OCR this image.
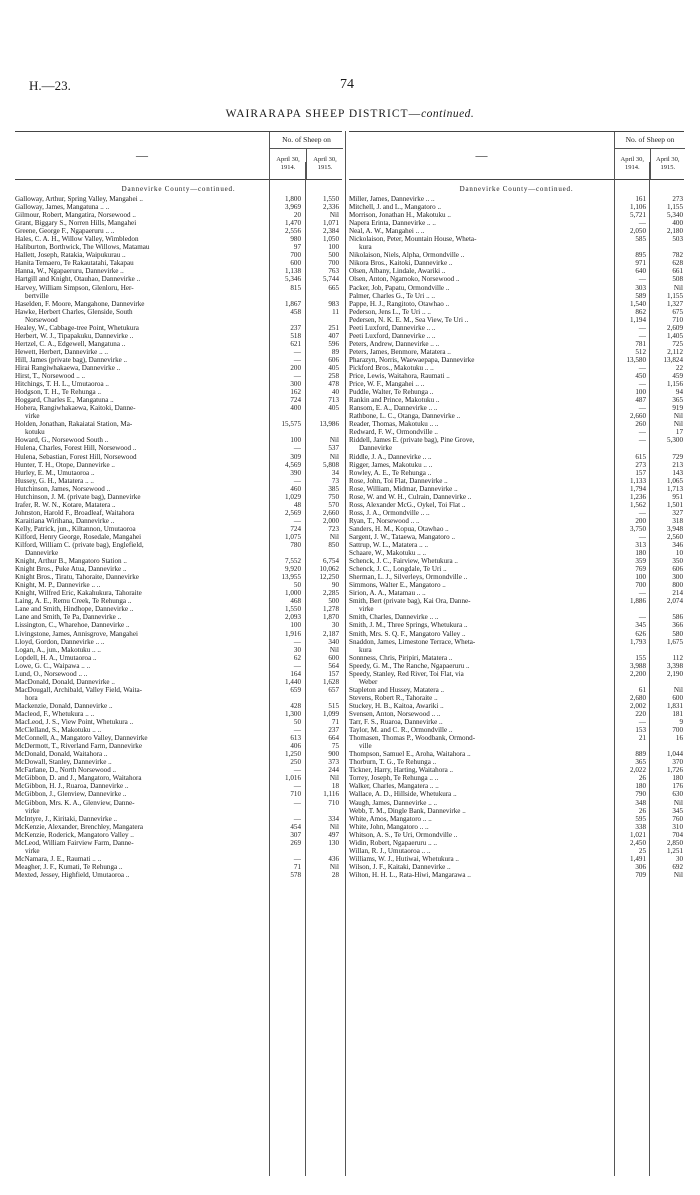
H.—23.	74
WAIRARAPA SHEEP DISTRICT—continued.
—
No. of Sheep on
April 30, 1914.
April 30, 1915.
Dannevirke County—continued.
Galloway, Arthur, Spring Valley, Mangahei ..	1,800	1,550
Galloway, James, Mangatuna .. ..	3,969	2,336
Gilmour, Robert, Mangatira, Norsewood ..	20	Nil
Grant, Biggary S., Norren Hills, Mangahei	1,470	1,071
Greene, George F., Ngapaeruru .. ..	2,556	2,384
Hales, C. A. H., Willow Valley, Wimbledon	980	1,050
Haliburton, Borthwick, The Willows, Matamau	97	100
Hallett, Joseph, Ratakia, Waipukurau ..	700	500
Hanita Temaero, Te Rakautatahi, Takapau	600	700
Hanna, W., Ngapaeruru, Dannevirke ..	1,138	763
Hartgill and Knight, Otauhao, Dannevirke ..	5,346	5,744
Harvey, William Simpson, Glenloru, Her-	815	665
bertville
Haselden, F. Moore, Mangahone, Dannevirke	1,867	983
Hawke, Herbert Charles, Glenside, South	458	11
Norsewood
Healey, W., Cabbage-tree Point, Whetukura	237	251
Herbert, W. J., Tipapakuku, Dannevirke ..	518	407
Hertzel, C. A., Edgewell, Mangatuna ..	621	596
Hewett, Herbert, Dannevirke .. ..	—	89
Hill, James (private bag), Dannevirke ..	—	606
Hirai Rangiwhakaewa, Dannevirke ..	200	405
Hirst, T., Norsewood .. ..	—	258
Hitchings, T. H. L., Umutaoroa ..	300	478
Hodgson, T. H., Te Rehunga ..	162	40
Hoggard, Charles E., Mangatuna ..	724	713
Hohera, Rangiwhakaewa, Kaitoki, Danne-	400	405
virke
Holden, Jonathan, Rakaiatai Station, Ma-	15,575	13,986
kotuku
Howard, G., Norsewood South ..	100	Nil
Hulena, Charles, Forest Hill, Norsewood ..	—	537
Hulena, Sebastian, Forest Hill, Norsewood	309	Nil
Hunter, T. H., Otope, Dannevirke ..	4,569	5,808
Hurley, E. M., Umutaoroa ..	390	34
Hussey, G. H., Matatera .. ..	—	73
Hutchinson, James, Norsewood ..	460	385
Hutchinson, J. M. (private bag), Dannevirke	1,029	750
Irafer, R. W. N., Kotare, Matatera ..	48	570
Johnston, Harold F., Broadleaf, Waitahora	2,569	2,660
Karaitiana Wirihana, Dannevirke ..	—	2,000
Kelly, Patrick, jun., Kiltannon, Umutaoroa	724	723
Kilford, Henry George, Rosedale, Mangahei	1,075	Nil
Kilford, William C. (private bag), Englefield,	780	850
Dannevirke
Knight, Arthur B., Mangatoro Station ..	7,552	6,754
Knight Bros., Puke Atua, Dannevirke ..	9,920	10,062
Knight Bros., Tiratu, Tahoraite, Dannevirke	13,955	12,250
Knight, M. P., Dannevirke .. ..	50	90
Knight, Wilfred Eric, Kakahukura, Tahoraite	1,000	2,285
Laing, A. E., Remu Creek, Te Rehunga ..	468	500
Lane and Smith, Hindhope, Dannevirke ..	1,550	1,278
Lane and Smith, Te Pa, Dannevirke ..	2,093	1,870
Lissington, C., Wharehoe, Dannevirke ..	100	30
Livingstone, James, Annisgrove, Mangahei	1,916	2,187
Lloyd, Gordon, Dannevirke .. ..	—	340
Logan, A., jun., Makotuku .. ..	30	Nil
Lopdell, H. A., Umutaoroa ..	62	600
Lowe, G. C., Waipawa .. ..	—	564
Lund, O., Norsewood .. ..	164	157
MacDonald, Donald, Dannevirke ..	1,440	1,628
MacDougall, Archibald, Valley Field, Waita-	659	657
hora
Mackenzie, Donald, Dannevirke ..	428	515
Macleod, F., Whetukura .. ..	1,300	1,099
MacLeod, J. S., View Point, Whetukura ..	50	71
McClelland, S., Makotuku .. ..	—	237
McConnell, A., Mangatoro Valley, Dannevirke	613	664
McDermott, T., Riverland Farm, Dannevirke	406	75
McDonald, Donald, Waitahora ..	1,250	900
McDowall, Stanley, Dannevirke ..	250	373
McFarlane, D., North Norsewood ..	—	244
McGibbon, D. and J., Mangatoro, Waitahora	1,016	Nil
McGibbon, H. J., Ruaroa, Dannevirke ..	—	18
McGibbon, J., Glenview, Dannevirke ..	710	1,116
McGibbon, Mrs. K. A., Glenview, Danne-	—	710
virke
McIntyre, J., Kiritaki, Dannevirke ..	—	334
McKenzie, Alexander, Brenchley, Mangatera	454	Nil
McKenzie, Roderick, Mangatoro Valley ..	307	497
McLeod, William Fairview Farm, Danne-	269	130
virke
McNamara, J. E., Raumati .. ..	—	436
Meagher, J. F., Kumati, Te Rehunga ..	71	Nil
Mexted, Jessey, Highfield, Umutaoroa ..	578	28
—
No. of Sheep on
April 30, 1914.
April 30, 1915.
Dannevirke County—continued.
Miller, James, Dannevirke .. ..	161	273
Mitchell, J. and L., Mangatoro ..	1,106	1,155
Morrison, Jonathan H., Makotuku ..	5,721	5,340
Napera Erinta, Dannevirke .. ..	—	400
Neal, A. W., Mangahei .. ..	2,050	2,180
Nickolaison, Peter, Mountain House, Wheta-	585	503
kura
Nikolaison, Niels, Alpha, Ormondville ..	895	782
Nikora Bros., Kaitoki, Dannevirke ..	971	628
Olsen, Albany, Lindale, Awariki ..	640	661
Olsen, Anton, Ngamoko, Norsewood ..	—	508
Packer, Job, Papatu, Ormondville ..	303	Nil
Palmer, Charles G., Te Uri .. ..	589	1,155
Pappe, H. J., Rangitoto, Otawhao ..	1,540	1,327
Pederson, Jens L., Te Uri .. ..	862	675
Pedersen, N. K. E. M., Sea View, Te Uri ..	1,194	710
Peeti Luxford, Dannevirke .. ..	—	2,609
Peeti Luxford, Dannevirke .. ..	—	1,405
Peters, Andrew, Dannevirke .. ..	781	725
Peters, James, Benmore, Matatera ..	512	2,112
Pharazyn, Norris, Waewaepapa, Dannevirke	13,580	13,824
Pickford Bros., Makotuku .. ..	—	22
Price, Lewis, Waitahora, Raumati ..	450	459
Price, W. F., Mangahei .. ..	—	1,156
Puddle, Walter, Te Rehunga ..	100	94
Rankin and Prince, Makotuku ..	487	365
Ransom, E. A., Dannevirke .. ..	—	919
Rathbone, L. C., Otanga, Dannevirke ..	2,660	Nil
Reader, Thomas, Makotuku .. ..	260	Nil
Redward, F. W., Ormondville ..	—	17
Riddell, James E. (private bag), Pine Grove,	—	5,300
Dannevirke
Riddle, J. A., Dannevirke .. ..	615	729
Rigger, James, Makotuku .. ..	273	213
Rowley, A. E., Te Rehunga ..	157	143
Rose, John, Toi Flat, Dannevirke ..	1,133	1,065
Rose, William, Midmar, Dannevirke ..	1,794	1,713
Rose, W. and W. H., Culrain, Dannevirke ..	1,236	951
Ross, Alexander McG., Oykel, Toi Flat ..	1,562	1,501
Ross, J. A., Ormondville .. ..	—	327
Ryan, T., Norsewood .. ..	200	318
Sanders, H. M., Kopua, Otawhao ..	3,750	3,948
Sargent, J. W., Tataewa, Mangatoro ..	—	2,560
Sattrup, W. L., Matatera .. ..	313	346
Schaare, W., Makotuku .. ..	180	10
Schenck, J. C., Fairview, Whetukura ..	359	350
Schenck, J. C., Longdale, Te Uri ..	769	606
Sherman, L. J., Silverleys, Ormondville ..	100	300
Simmons, Walter E., Mangatoro ..	700	800
Sirion, A. A., Matamau .. ..	—	214
Smith, Bert (private bag), Kai Ora, Danne-	1,886	2,074
virke
Smith, Charles, Dannevirke .. ..	—	586
Smith, J. M., Three Springs, Whetukura ..	345	366
Smith, Mrs. S. Q. F., Mangatoro Valley ..	626	580
Snaddon, James, Limestone Terrace, Wheta-	1,793	1,675
kura
Sonnness, Chris, Piripiri, Matatera ..	155	112
Speedy, G. M., The Ranche, Ngapaeruru ..	3,988	3,398
Speedy, Stanley, Red River, Toi Flat, via	2,200	2,190
Weber
Stapleton and Hussey, Matatera ..	61	Nil
Stevens, Robert R., Tahoraite ..	2,680	600
Stuckey, H. B., Kaitoa, Awariki ..	2,002	1,831
Svensen, Anton, Norsewood .. ..	220	181
Tarr, F. S., Ruaroa, Dannevirke ..	—	9
Taylor, M. and C. R., Ormondville ..	153	700
Thomasen, Thomas P., Woodbank, Ormond-	21	16
ville
Thompson, Samuel E., Aroha, Waitahora ..	889	1,044
Thorburn, T. G., Te Rehunga ..	365	370
Tickner, Harry, Harting, Waitahora ..	2,022	1,726
Torrey, Joseph, Te Rehunga .. ..	26	180
Walker, Charles, Mangatera .. ..	180	176
Wallace, A. D., Hillside, Whetukura ..	790	630
Waugh, James, Dannevirke .. ..	348	Nil
Webb, T. M., Dingle Bank, Dannevirke ..	26	345
White, Amos, Mangatoro .. ..	595	760
White, John, Mangatoro .. ..	338	310
Whitson, A. S., Te Uri, Ormondville ..	1,021	704
Widin, Robert, Ngapaeruru .. ..	2,450	2,850
Willan, R. J., Umutaoroa .. ..	25	1,251
Williams, W. J., Hutiwai, Whetukura ..	1,491	30
Wilson, J. F., Kaitaki, Dannevirke ..	306	692
Wilton, H. H. L., Rata-Hiwi, Mangarawa ..	709	Nil
